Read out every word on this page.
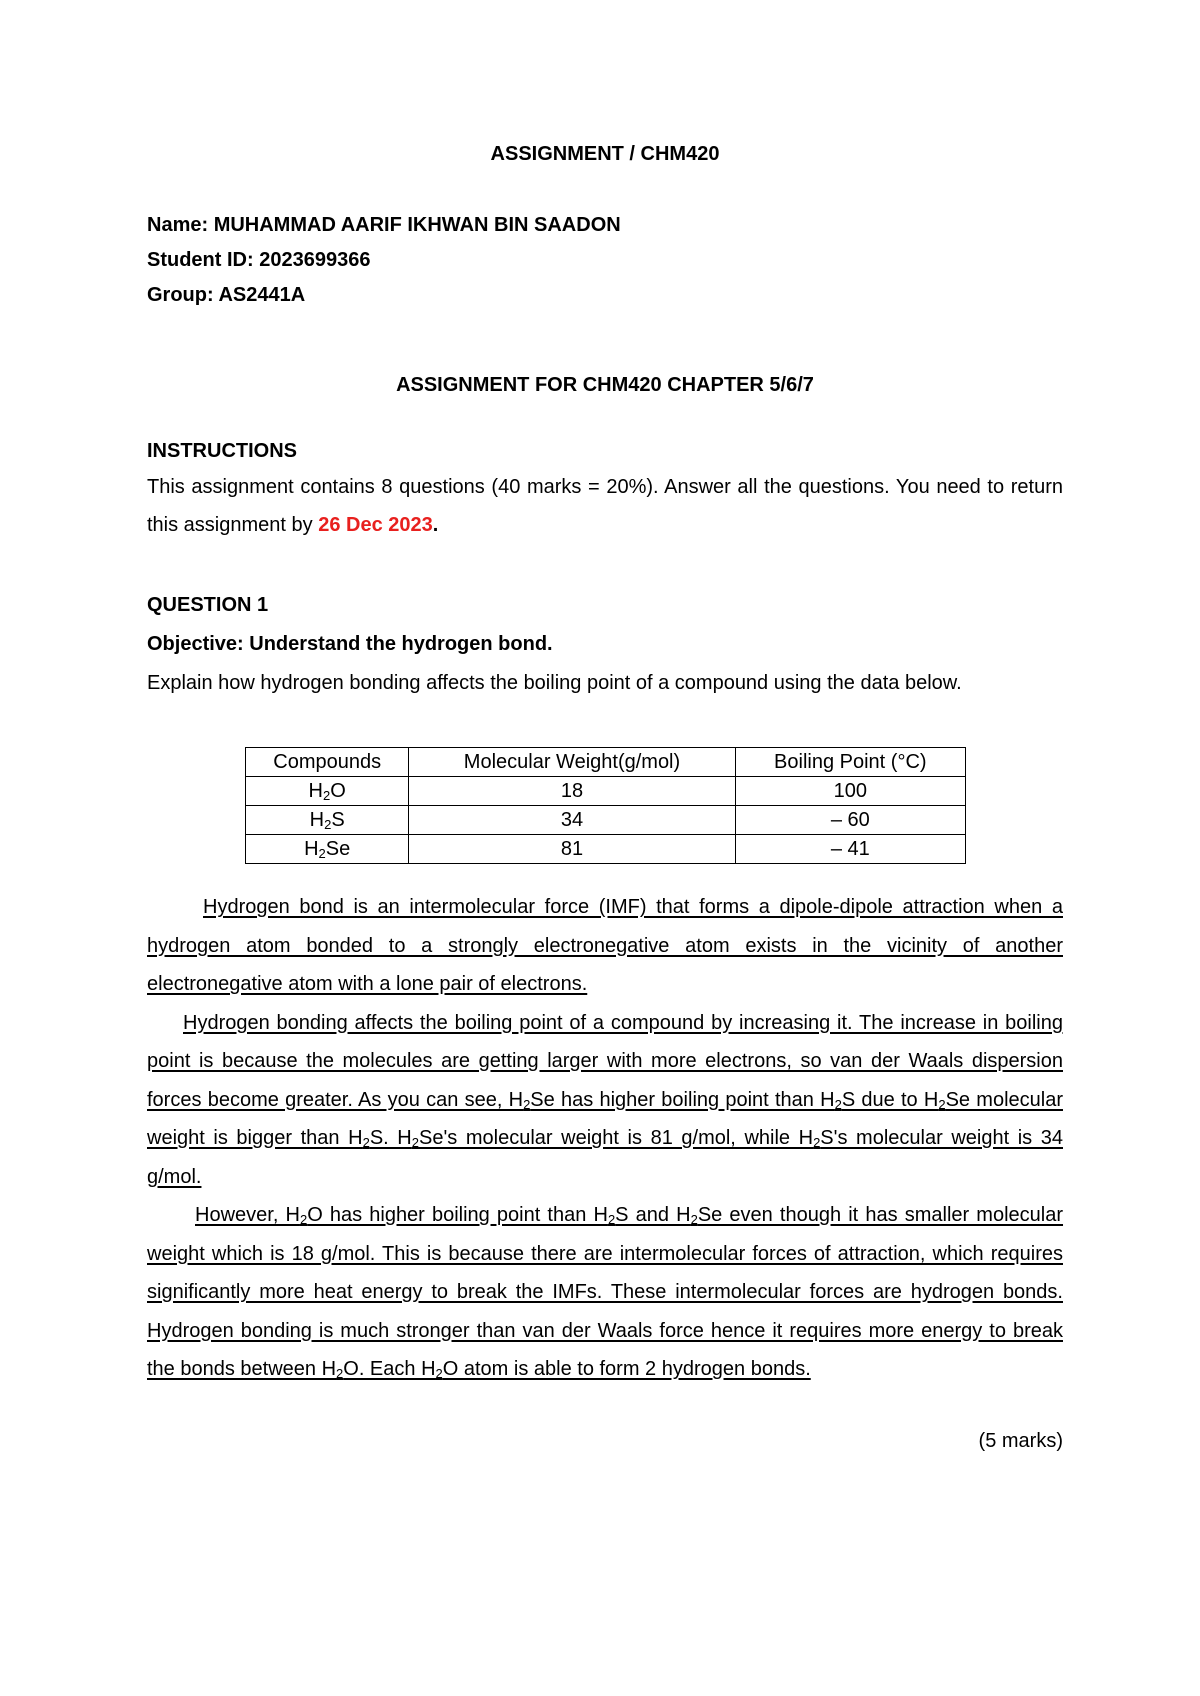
ASSIGNMENT / CHM420
Name: MUHAMMAD AARIF IKHWAN BIN SAADON
Student ID: 2023699366
Group: AS2441A
ASSIGNMENT FOR CHM420 CHAPTER 5/6/7
INSTRUCTIONS
This assignment contains 8 questions (40 marks = 20%). Answer all the questions. You need to return this assignment by 26 Dec 2023.
QUESTION 1
Objective: Understand the hydrogen bond.
Explain how hydrogen bonding affects the boiling point of a compound using the data below.
Compounds	Molecular Weight(g/mol)	Boiling Point (°C)
$H_2O$	18	100
$H_2S$	34	– 60
$H_2Se$	81	– 41

Hydrogen bond is an intermolecular force (IMF) that forms a dipole-dipole attraction when a hydrogen atom bonded to a strongly electronegative atom exists in the vicinity of another electronegative atom with a lone pair of electrons.

Hydrogen bonding affects the boiling point of a compound by increasing it. The increase in boiling point is because the molecules are getting larger with more electrons, so van der Waals dispersion forces become greater. As you can see, $H_2Se$ has higher boiling point than $H_2S$ due to $H_2Se$ molecular weight is bigger than $H_2S$. $H_2Se's$ molecular weight is 81 g/mol, while $H_2S's$ molecular weight is 34 g/mol.

However, $H_2O$ has higher boiling point than $H_2S$ and $H_2Se$ even though it has smaller molecular weight which is 18 g/mol. This is because there are intermolecular forces of attraction, which requires significantly more heat energy to break the IMFs. These intermolecular forces are hydrogen bonds. Hydrogen bonding is much stronger than van der Waals force hence it requires more energy to break the bonds between $H_2O$. Each $H_2O$ atom is able to form 2 hydrogen bonds.

(5 marks)
